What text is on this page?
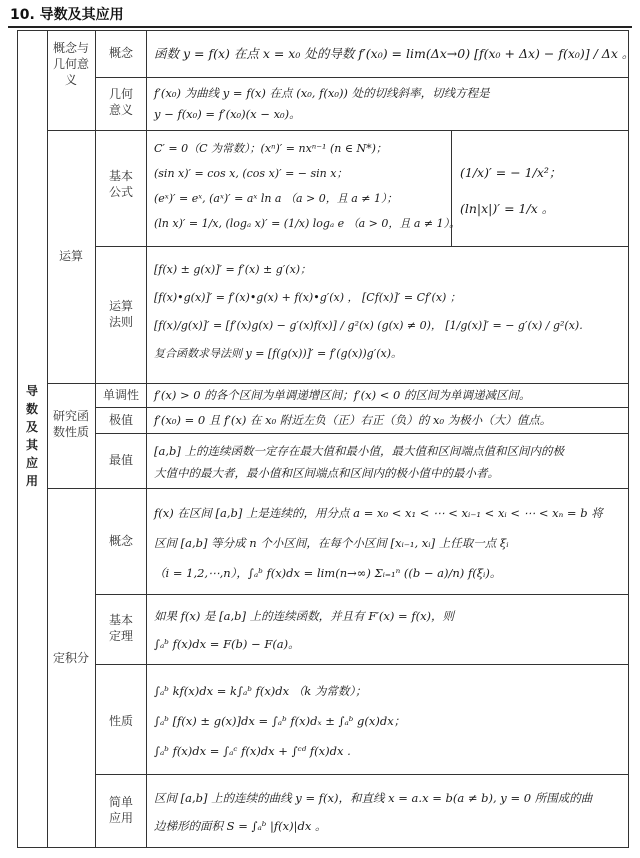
10. 导数及其应用
导数及其应用
概念与几何意义
运算
研究函数性质
定积分
概念
几何意义
基本公式
运算法则
单调性
极值
最值
概念
基本定理
性质
简单应用
函数 y = f(x) 在点 x = x₀ 处的导数 f′(x₀) = lim(Δx→0) [f(x₀ + Δx) − f(x₀)] / Δx 。
f′(x₀) 为曲线 y = f(x) 在点 (x₀, f(x₀)) 处的切线斜率，切线方程是
y − f(x₀) = f′(x₀)(x − x₀)。
C′ = 0（C 为常数）；(xⁿ)′ = nxⁿ⁻¹ (n ∈ N*)；
(sin x)′ = cos x, (cos x)′ = − sin x；
(eˣ)′ = eˣ, (aˣ)′ = aˣ ln a （a > 0，且 a ≠ 1）；
(ln x)′ = 1/x, (logₐ x)′ = (1/x) logₐ e （a > 0，且 a ≠ 1）。
(1/x)′ = − 1/x²；
(ln|x|)′ = 1/x 。
[f(x) ± g(x)]′ = f′(x) ± g′(x)；
[f(x)•g(x)]′ = f′(x)•g(x) + f(x)•g′(x) ， [Cf(x)]′ = Cf′(x) ；
[f(x)/g(x)]′ = [f′(x)g(x) − g′(x)f(x)] / g²(x) (g(x) ≠ 0)， [1/g(x)]′ = − g′(x) / g²(x).
复合函数求导法则 y = [f(g(x))]′ = f′(g(x))g′(x)。
f′(x) > 0 的各个区间为单调递增区间；f′(x) < 0 的区间为单调递减区间。
f′(x₀) = 0 且 f′(x) 在 x₀ 附近左负（正）右正（负）的 x₀ 为极小（大）值点。
[a,b] 上的连续函数一定存在最大值和最小值，最大值和区间端点值和区间内的极
大值中的最大者，最小值和区间端点和区间内的极小值中的最小者。
f(x) 在区间 [a,b] 上是连续的，用分点 a = x₀ < x₁ < ⋯ < xᵢ₋₁ < xᵢ < ⋯ < xₙ = b 将
区间 [a,b] 等分成 n 个小区间，在每个小区间 [xᵢ₋₁, xᵢ] 上任取一点 ξᵢ
（i = 1,2,⋯,n），∫ₐᵇ f(x)dx = lim(n→∞) Σᵢ₌₁ⁿ ((b − a)/n) f(ξᵢ)。
如果 f(x) 是 [a,b] 上的连续函数，并且有 F′(x) = f(x)，则
∫ₐᵇ f(x)dx = F(b) − F(a)。
∫ₐᵇ kf(x)dx = k∫ₐᵇ f(x)dx （k 为常数）；
∫ₐᵇ [f(x) ± g(x)]dx = ∫ₐᵇ f(x)dₓ ± ∫ₐᵇ g(x)dx；
∫ₐᵇ f(x)dx = ∫ₐᶜ f(x)dx + ∫ᶜᵈ f(x)dx .
区间 [a,b] 上的连续的曲线 y = f(x)，和直线 x = a.x = b(a ≠ b), y = 0 所围成的曲
边梯形的面积 S = ∫ₐᵇ |f(x)|dx 。
